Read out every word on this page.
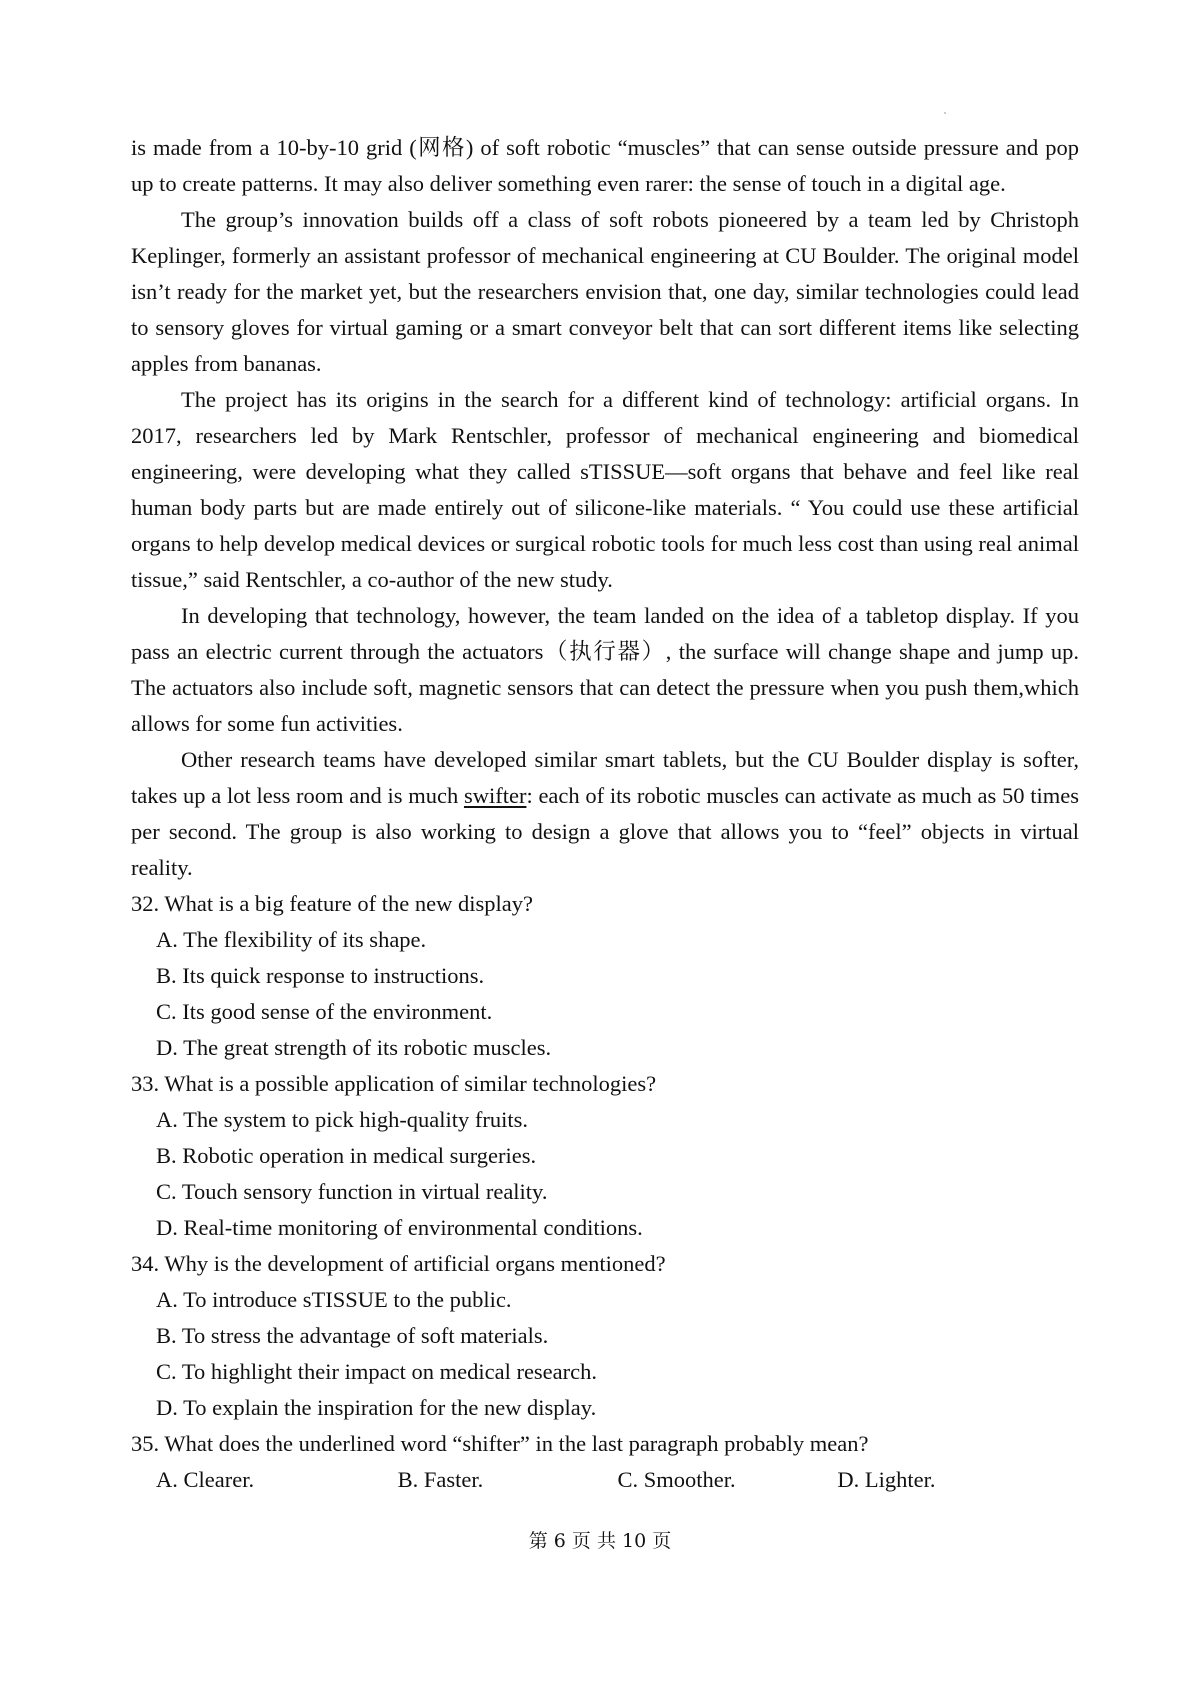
is made from a 10-by-10 grid (网格) of soft robotic “muscles” that can sense outside pressure and pop up to create patterns. It may also deliver something even rarer: the sense of touch in a digital age.

The group’s innovation builds off a class of soft robots pioneered by a team led by Christoph Keplinger, formerly an assistant professor of mechanical engineering at CU Boulder. The original model isn’t ready for the market yet, but the researchers envision that, one day, similar technologies could lead to sensory gloves for virtual gaming or a smart conveyor belt that can sort different items like selecting apples from bananas.

The project has its origins in the search for a different kind of technology: artificial organs. In 2017, researchers led by Mark Rentschler, professor of mechanical engineering and biomedical engineering, were developing what they called sTISSUE—soft organs that behave and feel like real human body parts but are made entirely out of silicone-like materials. “ You could use these artificial organs to help develop medical devices or surgical robotic tools for much less cost than using real animal tissue,” said Rentschler, a co-author of the new study.

In developing that technology, however, the team landed on the idea of a tabletop display. If you pass an electric current through the actuators（执行器）, the surface will change shape and jump up. The actuators also include soft, magnetic sensors that can detect the pressure when you push them,which allows for some fun activities.

Other research teams have developed similar smart tablets, but the CU Boulder display is softer, takes up a lot less room and is much swifter: each of its robotic muscles can activate as much as 50 times per second. The group is also working to design a glove that allows you to “feel” objects in virtual reality.

32. What is a big feature of the new display?

A. The flexibility of its shape.

B. Its quick response to instructions.

C. Its good sense of the environment.

D. The great strength of its robotic muscles.

33. What is a possible application of similar technologies?

A. The system to pick high-quality fruits.

B. Robotic operation in medical surgeries.

C. Touch sensory function in virtual reality.

D. Real-time monitoring of environmental conditions.

34. Why is the development of artificial organs mentioned?

A. To introduce sTISSUE to the public.

B. To stress the advantage of soft materials.

C. To highlight their impact on medical research.

D. To explain the inspiration for the new display.

35. What does the underlined word “shifter” in the last paragraph probably mean?

A. Clearer.	B. Faster.	C. Smoother.	D. Lighter.
第 6 页 共 10 页
